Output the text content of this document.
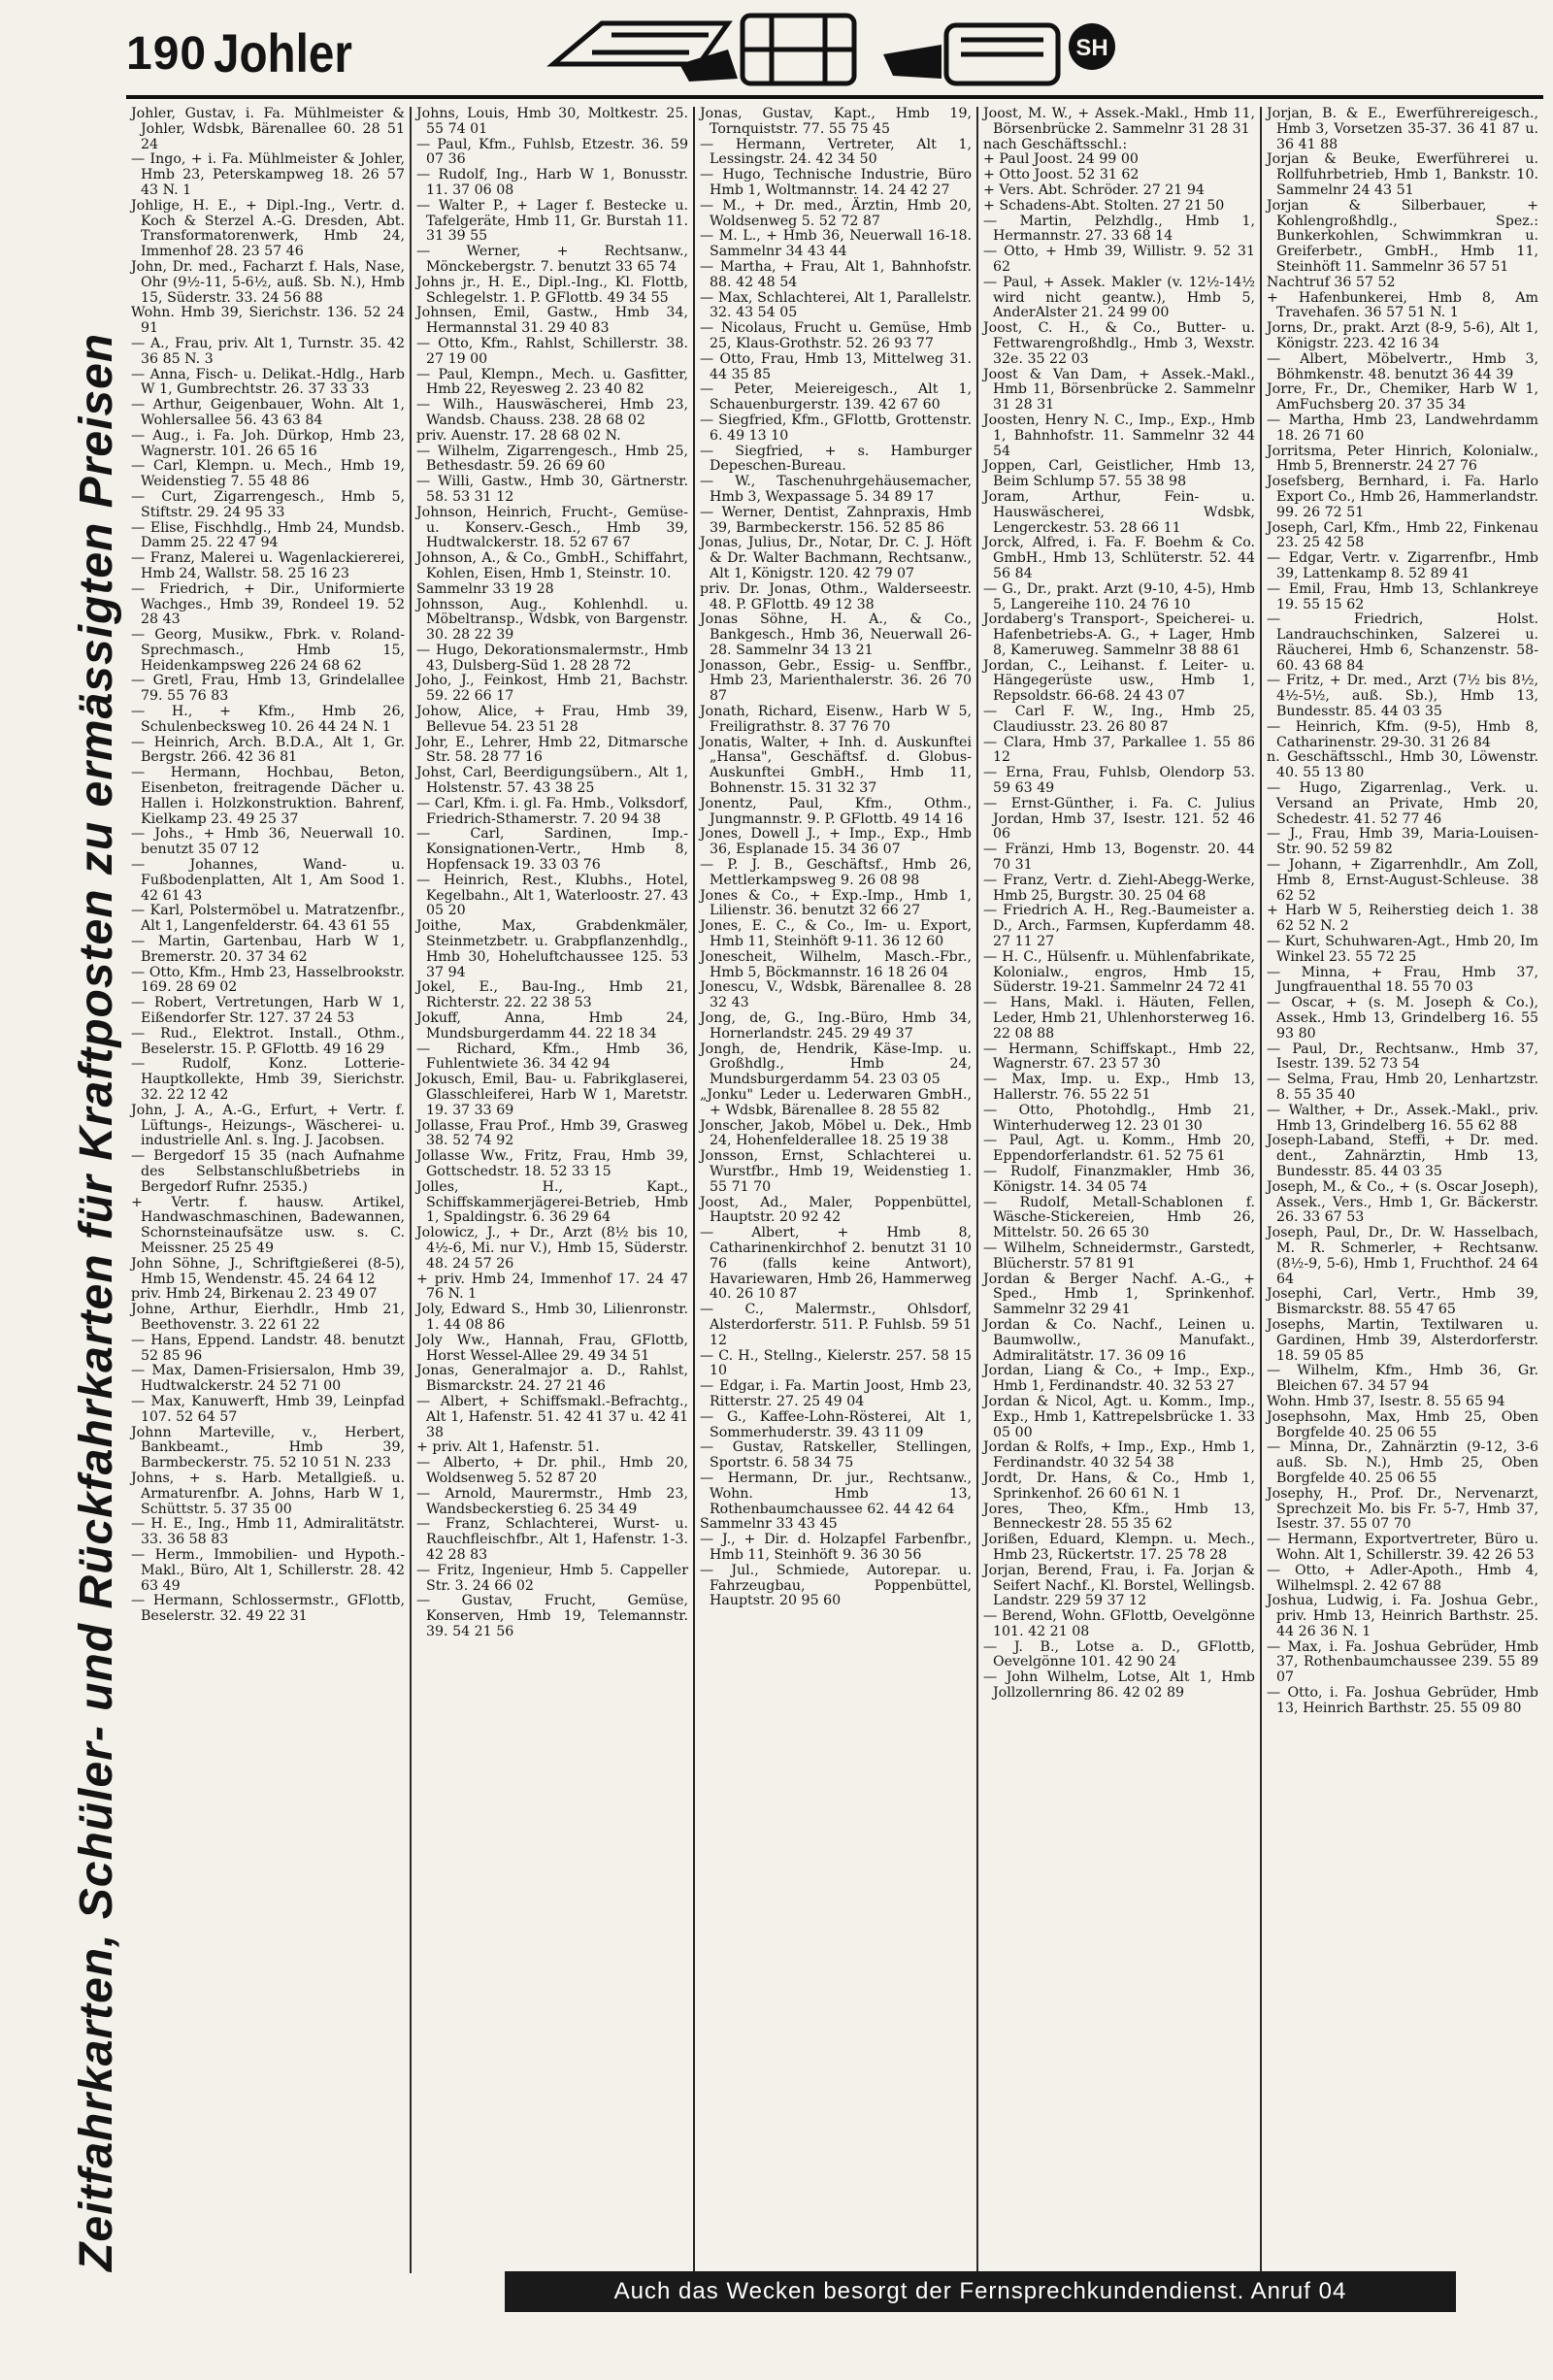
190 Johler	SH
Zeitfahrkarten, Schüler- und Rückfahrkarten für Kraftposten zu ermässigten Preisen
Johler, Gustav, i. Fa. Mühlmeister & Johler, Wdsbk, Bärenallee 60. 28 51 24
— Ingo, + i. Fa. Mühlmeister & Johler, Hmb 23, Peterskampweg 18. 26 57 43 N. 1
Johlige, H. E., + Dipl.-Ing., Vertr. d. Koch & Sterzel A.-G. Dresden, Abt. Transformatorenwerk, Hmb 24, Immenhof 28. 23 57 46
John, Dr. med., Facharzt f. Hals, Nase, Ohr (9½-11, 5-6½, auß. Sb. N.), Hmb 15, Süderstr. 33. 24 56 88
Wohn. Hmb 39, Sierichstr. 136. 52 24 91
— A., Frau, priv. Alt 1, Turnstr. 35. 42 36 85 N. 3
— Anna, Fisch- u. Delikat.-Hdlg., Harb W 1, Gumbrechtstr. 26. 37 33 33
— Arthur, Geigenbauer, Wohn. Alt 1, Wohlersallee 56. 43 63 84
— Aug., i. Fa. Joh. Dürkop, Hmb 23, Wagnerstr. 101. 26 65 16
— Carl, Klempn. u. Mech., Hmb 19, Weidenstieg 7. 55 48 86
— Curt, Zigarrengesch., Hmb 5, Stiftstr. 29. 24 95 33
— Elise, Fischhdlg., Hmb 24, Mundsb. Damm 25. 22 47 94
— Franz, Malerei u. Wagenlackiererei, Hmb 24, Wallstr. 58. 25 16 23
— Friedrich, + Dir., Uniformierte Wachges., Hmb 39, Rondeel 19. 52 28 43
— Georg, Musikw., Fbrk. v. Roland-Sprechmasch., Hmb 15, Heidenkampsweg 226 24 68 62
— Gretl, Frau, Hmb 13, Grindelallee 79. 55 76 83
— H., + Kfm., Hmb 26, Schulenbecksweg 10. 26 44 24 N. 1
— Heinrich, Arch. B.D.A., Alt 1, Gr. Bergstr. 266. 42 36 81
— Hermann, Hochbau, Beton, Eisenbeton, freitragende Dächer u. Hallen i. Holzkonstruktion. Bahrenf, Kielkamp 23. 49 25 37
— Johs., + Hmb 36, Neuerwall 10. benutzt 35 07 12
— Johannes, Wand- u. Fußbodenplatten, Alt 1, Am Sood 1. 42 61 43
— Karl, Polstermöbel u. Matratzenfbr., Alt 1, Langenfelderstr. 64. 43 61 55
— Martin, Gartenbau, Harb W 1, Bremerstr. 20. 37 34 62
— Otto, Kfm., Hmb 23, Hasselbrookstr. 169. 28 69 02
— Robert, Vertretungen, Harb W 1, Eißendorfer Str. 127. 37 24 53
— Rud., Elektrot. Install., Othm., Beselerstr. 15. P. GFlottb. 49 16 29
— Rudolf, Konz. Lotterie-Hauptkollekte, Hmb 39, Sierichstr. 32. 22 12 42
John, J. A., A.-G., Erfurt, + Vertr. f. Lüftungs-, Heizungs-, Wäscherei- u. industrielle Anl. s. Ing. J. Jacobsen.
— Bergedorf 15 35 (nach Aufnahme des Selbstanschlußbetriebs in Bergedorf Rufnr. 2535.)
+ Vertr. f. hausw. Artikel, Handwaschmaschinen, Badewannen, Schornsteinaufsätze usw. s. C. Meissner. 25 25 49
John Söhne, J., Schriftgießerei (8-5), Hmb 15, Wendenstr. 45. 24 64 12
priv. Hmb 24, Birkenau 2. 23 49 07
Johne, Arthur, Eierhdlr., Hmb 21, Beethovenstr. 3. 22 61 22
— Hans, Eppend. Landstr. 48. benutzt 52 85 96
— Max, Damen-Frisiersalon, Hmb 39, Hudtwalckerstr. 24 52 71 00
— Max, Kanuwerft, Hmb 39, Leinpfad 107. 52 64 57
Johnn Marteville, v., Herbert, Bankbeamt., Hmb 39, Barmbeckerstr. 75. 52 10 51 N. 233
Johns, + s. Harb. Metallgieß. u. Armaturenfbr. A. Johns, Harb W 1, Schüttstr. 5. 37 35 00
— H. E., Ing., Hmb 11, Admiralitätstr. 33. 36 58 83
— Herm., Immobilien- und Hypoth.-Makl., Büro, Alt 1, Schillerstr. 28. 42 63 49
— Hermann, Schlossermstr., GFlottb, Beselerstr. 32. 49 22 31
Johns, Louis, Hmb 30, Moltkestr. 25. 55 74 01
— Paul, Kfm., Fuhlsb, Etzestr. 36. 59 07 36
— Rudolf, Ing., Harb W 1, Bonusstr. 11. 37 06 08
— Walter P., + Lager f. Bestecke u. Tafelgeräte, Hmb 11, Gr. Burstah 11. 31 39 55
— Werner, + Rechtsanw., Mönckebergstr. 7. benutzt 33 65 74
Johns jr., H. E., Dipl.-Ing., Kl. Flottb, Schlegelstr. 1. P. GFlottb. 49 34 55
Johnsen, Emil, Gastw., Hmb 34, Hermannstal 31. 29 40 83
— Otto, Kfm., Rahlst, Schillerstr. 38. 27 19 00
— Paul, Klempn., Mech. u. Gasfitter, Hmb 22, Reyesweg 2. 23 40 82
— Wilh., Hauswäscherei, Hmb 23, Wandsb. Chauss. 238. 28 68 02
priv. Auenstr. 17. 28 68 02 N.
— Wilhelm, Zigarrengesch., Hmb 25, Bethesdastr. 59. 26 69 60
— Willi, Gastw., Hmb 30, Gärtnerstr. 58. 53 31 12
Johnson, Heinrich, Frucht-, Gemüse- u. Konserv.-Gesch., Hmb 39, Hudtwalckerstr. 18. 52 67 67
Johnson, A., & Co., GmbH., Schiffahrt, Kohlen, Eisen, Hmb 1, Steinstr. 10.
Sammelnr 33 19 28
Johnsson, Aug., Kohlenhdl. u. Möbeltransp., Wdsbk, von Bargenstr. 30. 28 22 39
— Hugo, Dekorationsmalermstr., Hmb 43, Dulsberg-Süd 1. 28 28 72
Joho, J., Feinkost, Hmb 21, Bachstr. 59. 22 66 17
Johow, Alice, + Frau, Hmb 39, Bellevue 54. 23 51 28
Johr, E., Lehrer, Hmb 22, Ditmarsche Str. 58. 28 77 16
Johst, Carl, Beerdigungsübern., Alt 1, Holstenstr. 57. 43 38 25
— Carl, Kfm. i. gl. Fa. Hmb., Volksdorf, Friedrich-Sthamerstr. 7. 20 94 38
— Carl, Sardinen, Imp.-Konsignationen-Vertr., Hmb 8, Hopfensack 19. 33 03 76
— Heinrich, Rest., Klubhs., Hotel, Kegelbahn., Alt 1, Waterloostr. 27. 43 05 20
Joithe, Max, Grabdenkmäler, Steinmetzbetr. u. Grabpflanzenhdlg., Hmb 30, Hoheluftchaussee 125. 53 37 94
Jokel, E., Bau-Ing., Hmb 21, Richterstr. 22. 22 38 53
Jokuff, Anna, Hmb 24, Mundsburgerdamm 44. 22 18 34
— Richard, Kfm., Hmb 36, Fuhlentwiete 36. 34 42 94
Jokusch, Emil, Bau- u. Fabrikglaserei, Glasschleiferei, Harb W 1, Maretstr. 19. 37 33 69
Jollasse, Frau Prof., Hmb 39, Grasweg 38. 52 74 92
Jollasse Ww., Fritz, Frau, Hmb 39, Gottschedstr. 18. 52 33 15
Jolles, H., Kapt., Schiffskammerjägerei-Betrieb, Hmb 1, Spaldingstr. 6. 36 29 64
Jolowicz, J., + Dr., Arzt (8½ bis 10, 4½-6, Mi. nur V.), Hmb 15, Süderstr. 48. 24 57 26
+ priv. Hmb 24, Immenhof 17. 24 47 76 N. 1
Joly, Edward S., Hmb 30, Lilienronstr. 1. 44 08 86
Joly Ww., Hannah, Frau, GFlottb, Horst Wessel-Allee 29. 49 34 51
Jonas, Generalmajor a. D., Rahlst, Bismarckstr. 24. 27 21 46
— Albert, + Schiffsmakl.-Befrachtg., Alt 1, Hafenstr. 51. 42 41 37 u. 42 41 38
+ priv. Alt 1, Hafenstr. 51.
— Alberto, + Dr. phil., Hmb 20, Woldsenweg 5. 52 87 20
— Arnold, Maurermstr., Hmb 23, Wandsbeckerstieg 6. 25 34 49
— Franz, Schlachterei, Wurst- u. Rauchfleischfbr., Alt 1, Hafenstr. 1-3. 42 28 83
— Fritz, Ingenieur, Hmb 5. Cappeller Str. 3. 24 66 02
— Gustav, Frucht, Gemüse, Konserven, Hmb 19, Telemannstr. 39. 54 21 56
Jonas, Gustav, Kapt., Hmb 19, Tornquiststr. 77. 55 75 45
— Hermann, Vertreter, Alt 1, Lessingstr. 24. 42 34 50
— Hugo, Technische Industrie, Büro Hmb 1, Woltmannstr. 14. 24 42 27
— M., + Dr. med., Ärztin, Hmb 20, Woldsenweg 5. 52 72 87
— M. L., + Hmb 36, Neuerwall 16-18. Sammelnr 34 43 44
— Martha, + Frau, Alt 1, Bahnhofstr. 88. 42 48 54
— Max, Schlachterei, Alt 1, Parallelstr. 32. 43 54 05
— Nicolaus, Frucht u. Gemüse, Hmb 25, Klaus-Grothstr. 52. 26 93 77
— Otto, Frau, Hmb 13, Mittelweg 31. 44 35 85
— Peter, Meiereigesch., Alt 1, Schauenburgerstr. 139. 42 67 60
— Siegfried, Kfm., GFlottb, Grottenstr. 6. 49 13 10
— Siegfried, + s. Hamburger Depeschen-Bureau.
— W., Taschenuhrgehäusemacher, Hmb 3, Wexpassage 5. 34 89 17
— Werner, Dentist, Zahnpraxis, Hmb 39, Barmbeckerstr. 156. 52 85 86
Jonas, Julius, Dr., Notar, Dr. C. J. Höft & Dr. Walter Bachmann, Rechtsanw., Alt 1, Königstr. 120. 42 79 07
priv. Dr. Jonas, Othm., Walderseestr. 48. P. GFlottb. 49 12 38
Jonas Söhne, H. A., & Co., Bankgesch., Hmb 36, Neuerwall 26-28. Sammelnr 34 13 21
Jonasson, Gebr., Essig- u. Senffbr., Hmb 23, Marienthalerstr. 36. 26 70 87
Jonath, Richard, Eisenw., Harb W 5, Freiligrathstr. 8. 37 76 70
Jonatis, Walter, + Inh. d. Auskunftei „Hansa", Geschäftsf. d. Globus-Auskunftei GmbH., Hmb 11, Bohnenstr. 15. 31 32 37
Jonentz, Paul, Kfm., Othm., Jungmannstr. 9. P. GFlottb. 49 14 16
Jones, Dowell J., + Imp., Exp., Hmb 36, Esplanade 15. 34 36 07
— P. J. B., Geschäftsf., Hmb 26, Mettlerkampsweg 9. 26 08 98
Jones & Co., + Exp.-Imp., Hmb 1, Lilienstr. 36. benutzt 32 66 27
Jones, E. C., & Co., Im- u. Export, Hmb 11, Steinhöft 9-11. 36 12 60
Jonescheit, Wilhelm, Masch.-Fbr., Hmb 5, Böckmannstr. 16 18 26 04
Jonescu, V., Wdsbk, Bärenallee 8. 28 32 43
Jong, de, G., Ing.-Büro, Hmb 34, Hornerlandstr. 245. 29 49 37
Jongh, de, Hendrik, Käse-Imp. u. Großhdlg., Hmb 24, Mundsburgerdamm 54. 23 03 05
„Jonku" Leder u. Lederwaren GmbH., + Wdsbk, Bärenallee 8. 28 55 82
Jonscher, Jakob, Möbel u. Dek., Hmb 24, Hohenfelderallee 18. 25 19 38
Jonsson, Ernst, Schlachterei u. Wurstfbr., Hmb 19, Weidenstieg 1. 55 71 70
Joost, Ad., Maler, Poppenbüttel, Hauptstr. 20 92 42
— Albert, + Hmb 8, Catharinenkirchhof 2. benutzt 31 10 76 (falls keine Antwort), Havariewaren, Hmb 26, Hammerweg 40. 26 10 87
— C., Malermstr., Ohlsdorf, Alsterdorferstr. 511. P. Fuhlsb. 59 51 12
— C. H., Stellng., Kielerstr. 257. 58 15 10
— Edgar, i. Fa. Martin Joost, Hmb 23, Ritterstr. 27. 25 49 04
— G., Kaffee-Lohn-Rösterei, Alt 1, Sommerhuderstr. 39. 43 11 09
— Gustav, Ratskeller, Stellingen, Sportstr. 6. 58 34 75
— Hermann, Dr. jur., Rechtsanw., Wohn. Hmb 13, Rothenbaumchaussee 62. 44 42 64
Sammelnr 33 43 45
— J., + Dir. d. Holzapfel Farbenfbr., Hmb 11, Steinhöft 9. 36 30 56
— Jul., Schmiede, Autorepar. u. Fahrzeugbau, Poppenbüttel, Hauptstr. 20 95 60
Joost, M. W., + Assek.-Makl., Hmb 11, Börsenbrücke 2. Sammelnr 31 28 31
nach Geschäftsschl.:
+ Paul Joost. 24 99 00
+ Otto Joost. 52 31 62
+ Vers. Abt. Schröder. 27 21 94
+ Schadens-Abt. Stolten. 27 21 50
— Martin, Pelzhdlg., Hmb 1, Hermannstr. 27. 33 68 14
— Otto, + Hmb 39, Willistr. 9. 52 31 62
— Paul, + Assek. Makler (v. 12½-14½ wird nicht geantw.), Hmb 5, AnderAlster 21. 24 99 00
Joost, C. H., & Co., Butter- u. Fettwarengroßhdlg., Hmb 3, Wexstr. 32e. 35 22 03
Joost & Van Dam, + Assek.-Makl., Hmb 11, Börsenbrücke 2. Sammelnr 31 28 31
Joosten, Henry N. C., Imp., Exp., Hmb 1, Bahnhofstr. 11. Sammelnr 32 44 54
Joppen, Carl, Geistlicher, Hmb 13, Beim Schlump 57. 55 38 98
Joram, Arthur, Fein- u. Hauswäscherei, Wdsbk, Lengerckestr. 53. 28 66 11
Jorck, Alfred, i. Fa. F. Boehm & Co. GmbH., Hmb 13, Schlüterstr. 52. 44 56 84
— G., Dr., prakt. Arzt (9-10, 4-5), Hmb 5, Langereihe 110. 24 76 10
Jordaberg's Transport-, Speicherei- u. Hafenbetriebs-A. G., + Lager, Hmb 8, Kameruweg. Sammelnr 38 88 61
Jordan, C., Leihanst. f. Leiter- u. Hängegerüste usw., Hmb 1, Repsoldstr. 66-68. 24 43 07
— Carl F. W., Ing., Hmb 25, Claudiusstr. 23. 26 80 87
— Clara, Hmb 37, Parkallee 1. 55 86 12
— Erna, Frau, Fuhlsb, Olendorp 53. 59 63 49
— Ernst-Günther, i. Fa. C. Julius Jordan, Hmb 37, Isestr. 121. 52 46 06
— Fränzi, Hmb 13, Bogenstr. 20. 44 70 31
— Franz, Vertr. d. Ziehl-Abegg-Werke, Hmb 25, Burgstr. 30. 25 04 68
— Friedrich A. H., Reg.-Baumeister a. D., Arch., Farmsen, Kupferdamm 48. 27 11 27
— H. C., Hülsenfr. u. Mühlenfabrikate, Kolonialw., engros, Hmb 15, Süderstr. 19-21. Sammelnr 24 72 41
— Hans, Makl. i. Häuten, Fellen, Leder, Hmb 21, Uhlenhorsterweg 16. 22 08 88
— Hermann, Schiffskapt., Hmb 22, Wagnerstr. 67. 23 57 30
— Max, Imp. u. Exp., Hmb 13, Hallerstr. 76. 55 22 51
— Otto, Photohdlg., Hmb 21, Winterhuderweg 12. 23 01 30
— Paul, Agt. u. Komm., Hmb 20, Eppendorferlandstr. 61. 52 75 61
— Rudolf, Finanzmakler, Hmb 36, Königstr. 14. 34 05 74
— Rudolf, Metall-Schablonen f. Wäsche-Stickereien, Hmb 26, Mittelstr. 50. 26 65 30
— Wilhelm, Schneidermstr., Garstedt, Blücherstr. 57 81 91
Jordan & Berger Nachf. A.-G., + Sped., Hmb 1, Sprinkenhof. Sammelnr 32 29 41
Jordan & Co. Nachf., Leinen u. Baumwollw., Manufakt., Admiralitätstr. 17. 36 09 16
Jordan, Liang & Co., + Imp., Exp., Hmb 1, Ferdinandstr. 40. 32 53 27
Jordan & Nicol, Agt. u. Komm., Imp., Exp., Hmb 1, Kattrepelsbrücke 1. 33 05 00
Jordan & Rolfs, + Imp., Exp., Hmb 1, Ferdinandstr. 40 32 54 38
Jordt, Dr. Hans, & Co., Hmb 1, Sprinkenhof. 26 60 61 N. 1
Jores, Theo, Kfm., Hmb 13, Benneckestr 28. 55 35 62
Jorißen, Eduard, Klempn. u. Mech., Hmb 23, Rückertstr. 17. 25 78 28
Jorjan, Berend, Frau, i. Fa. Jorjan & Seifert Nachf., Kl. Borstel, Wellingsb. Landstr. 229 59 37 12
— Berend, Wohn. GFlottb, Oevelgönne 101. 42 21 08
— J. B., Lotse a. D., GFlottb, Oevelgönne 101. 42 90 24
— John Wilhelm, Lotse, Alt 1, Hmb Jollzollernring 86. 42 02 89
Jorjan, B. & E., Ewerführereigesch., Hmb 3, Vorsetzen 35-37. 36 41 87 u. 36 41 88
Jorjan & Beuke, Ewerführerei u. Rollfuhrbetrieb, Hmb 1, Bankstr. 10. Sammelnr 24 43 51
Jorjan & Silberbauer, + Kohlengroßhdlg., Spez.: Bunkerkohlen, Schwimmkran u. Greiferbetr., GmbH., Hmb 11, Steinhöft 11. Sammelnr 36 57 51
Nachtruf 36 57 52
+ Hafenbunkerei, Hmb 8, Am Travehafen. 36 57 51 N. 1
Jorns, Dr., prakt. Arzt (8-9, 5-6), Alt 1, Königstr. 223. 42 16 34
— Albert, Möbelvertr., Hmb 3, Böhmkenstr. 48. benutzt 36 44 39
Jorre, Fr., Dr., Chemiker, Harb W 1, AmFuchsberg 20. 37 35 34
— Martha, Hmb 23, Landwehrdamm 18. 26 71 60
Jorritsma, Peter Hinrich, Kolonialw., Hmb 5, Brennerstr. 24 27 76
Josefsberg, Bernhard, i. Fa. Harlo Export Co., Hmb 26, Hammerlandstr. 99. 26 72 51
Joseph, Carl, Kfm., Hmb 22, Finkenau 23. 25 42 58
— Edgar, Vertr. v. Zigarrenfbr., Hmb 39, Lattenkamp 8. 52 89 41
— Emil, Frau, Hmb 13, Schlankreye 19. 55 15 62
— Friedrich, Holst. Landrauchschinken, Salzerei u. Räucherei, Hmb 6, Schanzenstr. 58-60. 43 68 84
— Fritz, + Dr. med., Arzt (7½ bis 8½, 4½-5½, auß. Sb.), Hmb 13, Bundesstr. 85. 44 03 35
— Heinrich, Kfm. (9-5), Hmb 8, Catharinenstr. 29-30. 31 26 84
n. Geschäftsschl., Hmb 30, Löwenstr. 40. 55 13 80
— Hugo, Zigarrenlag., Verk. u. Versand an Private, Hmb 20, Schedestr. 41. 52 77 46
— J., Frau, Hmb 39, Maria-Louisen-Str. 90. 52 59 82
— Johann, + Zigarrenhdlr., Am Zoll, Hmb 8, Ernst-August-Schleuse. 38 62 52
+ Harb W 5, Reiherstieg deich 1. 38 62 52 N. 2
— Kurt, Schuhwaren-Agt., Hmb 20, Im Winkel 23. 55 72 25
— Minna, + Frau, Hmb 37, Jungfrauenthal 18. 55 70 03
— Oscar, + (s. M. Joseph & Co.), Assek., Hmb 13, Grindelberg 16. 55 93 80
— Paul, Dr., Rechtsanw., Hmb 37, Isestr. 139. 52 73 54
— Selma, Frau, Hmb 20, Lenhartzstr. 8. 55 35 40
— Walther, + Dr., Assek.-Makl., priv. Hmb 13, Grindelberg 16. 55 62 88
Joseph-Laband, Steffi, + Dr. med. dent., Zahnärztin, Hmb 13, Bundesstr. 85. 44 03 35
Joseph, M., & Co., + (s. Oscar Joseph), Assek., Vers., Hmb 1, Gr. Bäckerstr. 26. 33 67 53
Joseph, Paul, Dr., Dr. W. Hasselbach, M. R. Schmerler, + Rechtsanw. (8½-9, 5-6), Hmb 1, Fruchthof. 24 64 64
Josephi, Carl, Vertr., Hmb 39, Bismarckstr. 88. 55 47 65
Josephs, Martin, Textilwaren u. Gardinen, Hmb 39, Alsterdorferstr. 18. 59 05 85
— Wilhelm, Kfm., Hmb 36, Gr. Bleichen 67. 34 57 94
Wohn. Hmb 37, Isestr. 8. 55 65 94
Josephsohn, Max, Hmb 25, Oben Borgfelde 40. 25 06 55
— Minna, Dr., Zahnärztin (9-12, 3-6 auß. Sb. N.), Hmb 25, Oben Borgfelde 40. 25 06 55
Josephy, H., Prof. Dr., Nervenarzt, Sprechzeit Mo. bis Fr. 5-7, Hmb 37, Isestr. 37. 55 07 70
— Hermann, Exportvertreter, Büro u. Wohn. Alt 1, Schillerstr. 39. 42 26 53
— Otto, + Adler-Apoth., Hmb 4, Wilhelmspl. 2. 42 67 88
Joshua, Ludwig, i. Fa. Joshua Gebr., priv. Hmb 13, Heinrich Barthstr. 25. 44 26 36 N. 1
— Max, i. Fa. Joshua Gebrüder, Hmb 37, Rothenbaumchaussee 239. 55 89 07
— Otto, i. Fa. Joshua Gebrüder, Hmb 13, Heinrich Barthstr. 25. 55 09 80
Auch das Wecken besorgt der Fernsprechkundendienst. Anruf 04
